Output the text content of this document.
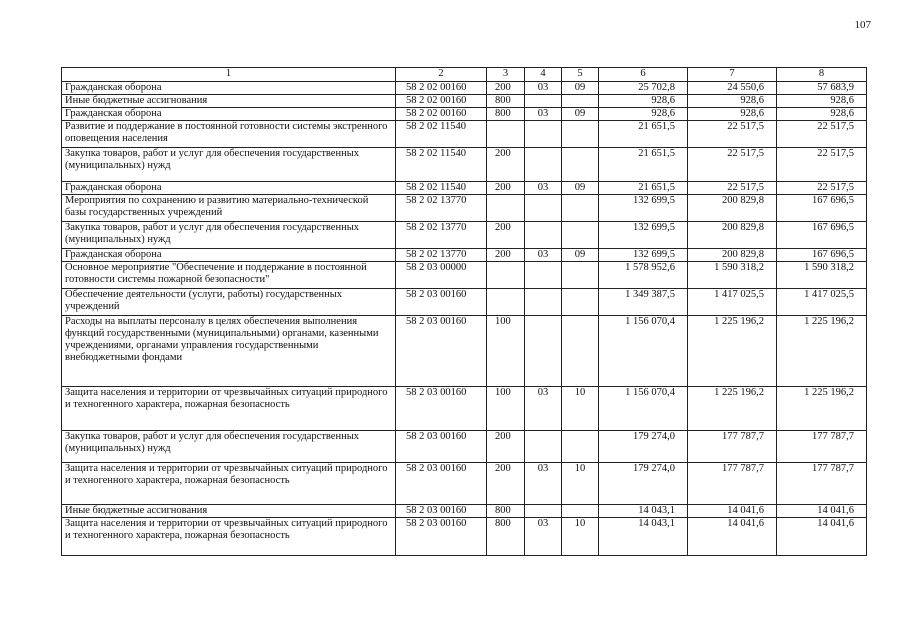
107
1	2	3	4	5	6	7	8
Гражданская оборона	58 2 02 00160	200	03	09	25 702,8	24 550,6	57 683,9
Иные бюджетные ассигнования	58 2 02 00160	800			928,6	928,6	928,6
Гражданская оборона	58 2 02 00160	800	03	09	928,6	928,6	928,6
Развитие и поддержание в постоянной готовности системы экстренного оповещения населения	58 2 02 11540				21 651,5	22 517,5	22 517,5
Закупка товаров, работ и услуг для обеспечения государственных (муниципальных) нужд	58 2 02 11540	200			21 651,5	22 517,5	22 517,5
Гражданская оборона	58 2 02 11540	200	03	09	21 651,5	22 517,5	22 517,5
Мероприятия по сохранению и развитию материально-технической базы государственных учреждений	58 2 02 13770				132 699,5	200 829,8	167 696,5
Закупка товаров, работ и услуг для обеспечения государственных (муниципальных) нужд	58 2 02 13770	200			132 699,5	200 829,8	167 696,5
Гражданская оборона	58 2 02 13770	200	03	09	132 699,5	200 829,8	167 696,5
Основное мероприятие "Обеспечение и поддержание в постоянной готовности системы пожарной безопасности"	58 2 03 00000				1 578 952,6	1 590 318,2	1 590 318,2
Обеспечение деятельности (услуги, работы) государственных учреждений	58 2 03 00160				1 349 387,5	1 417 025,5	1 417 025,5
Расходы на выплаты персоналу в целях обеспечения выполнения функций государственными (муниципальными) органами, казенными учреждениями, органами управления государственными внебюджетными фондами	58 2 03 00160	100			1 156 070,4	1 225 196,2	1 225 196,2
Защита населения и территории от чрезвычайных ситуаций природного и техногенного характера, пожарная безопасность	58 2 03 00160	100	03	10	1 156 070,4	1 225 196,2	1 225 196,2
Закупка товаров, работ и услуг для обеспечения государственных (муниципальных) нужд	58 2 03 00160	200			179 274,0	177 787,7	177 787,7
Защита населения и территории от чрезвычайных ситуаций природного и техногенного характера, пожарная безопасность	58 2 03 00160	200	03	10	179 274,0	177 787,7	177 787,7
Иные бюджетные ассигнования	58 2 03 00160	800			14 043,1	14 041,6	14 041,6
Защита населения и территории от чрезвычайных ситуаций природного и техногенного характера, пожарная безопасность	58 2 03 00160	800	03	10	14 043,1	14 041,6	14 041,6
